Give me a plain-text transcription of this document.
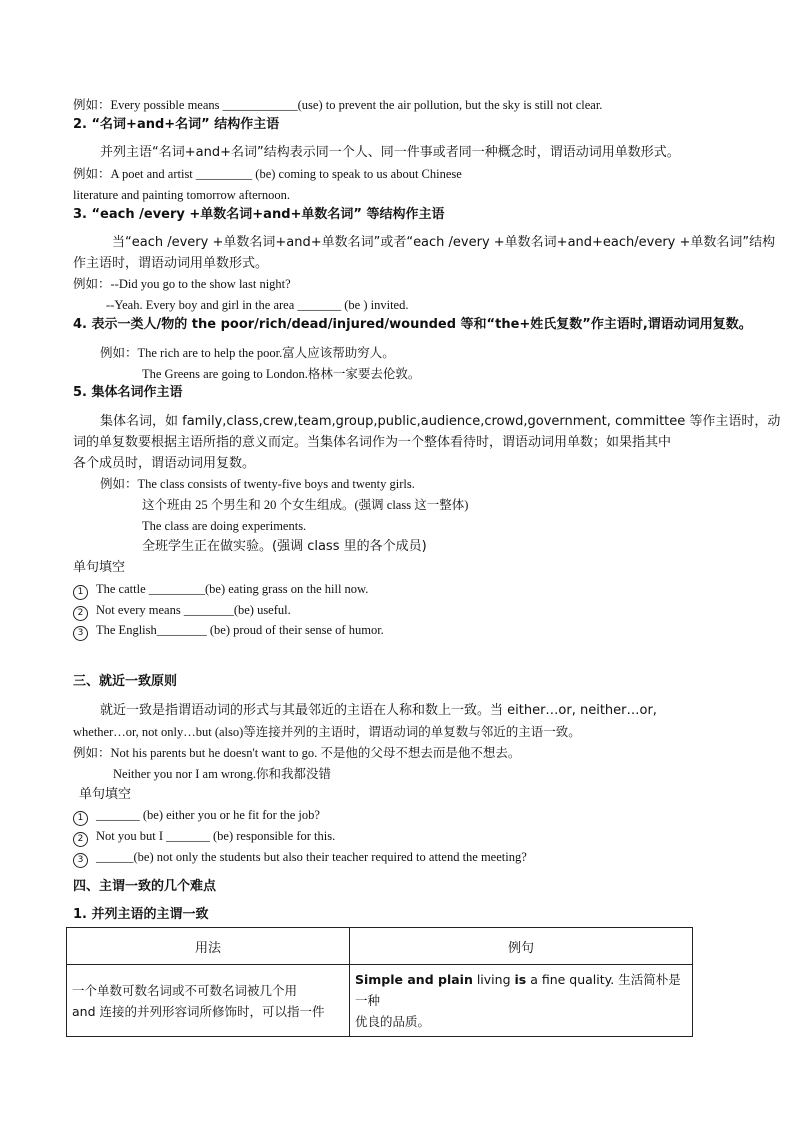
例如：Every possible means ____________(use) to prevent the air pollution, but the sky is still not clear.
2. “名词+and+名词” 结构作主语
并列主语“名词+and+名词”结构表示同一个人、同一件事或者同一种概念时，谓语动词用单数形式。
例如：A poet and artist _________ (be) coming to speak to us about Chinese
literature and painting tomorrow afternoon.
3. “each /every +单数名词+and+单数名词” 等结构作主语
当“each /every +单数名词+and+单数名词”或者“each /every +单数名词+and+each/every +单数名词”结构
作主语时，谓语动词用单数形式。
例如：--Did you go to the show last night?
--Yeah. Every boy and girl in the area _______ (be ) invited.
4. 表示一类人/物的 the poor/rich/dead/injured/wounded 等和“the+姓氏复数”作主语时,谓语动词用复数。
例如：The rich are to help the poor.富人应该帮助穷人。
The Greens are going to London.格林一家要去伦敦。
5. 集体名词作主语
集体名词，如 family,class,crew,team,group,public,audience,crowd,government, committee 等作主语时，动
词的单复数要根据主语所指的意义而定。当集体名词作为一个整体看待时，谓语动词用单数；如果指其中
各个成员时，谓语动词用复数。
例如：The class consists of twenty-five boys and twenty girls.
这个班由 25 个男生和 20 个女生组成。(强调 class 这一整体)
The class are doing experiments.
全班学生正在做实验。(强调 class 里的各个成员)
单句填空
1 The cattle _________(be) eating grass on the hill now.
2 Not every means ________(be) useful.
3 The English________ (be) proud of their sense of humor.
三、就近一致原则
就近一致是指谓语动词的形式与其最邻近的主语在人称和数上一致。当 either…or, neither…or,
whether…or, not only…but (also)等连接并列的主语时，谓语动词的单复数与邻近的主语一致。
例如：Not his parents but he doesn't want to go. 不是他的父母不想去而是他不想去。
Neither you nor I am wrong.你和我都没错
单句填空
1 _______ (be) either you or he fit for the job?
2 Not you but I _______ (be) responsible for this.
3 ______(be) not only the students but also their teacher required to attend the meeting?
四、主谓一致的几个难点
1. 并列主语的主谓一致
用法	例句
一个单数可数名词或不可数名词被几个用
and 连接的并列形容词所修饰时，可以指一件	Simple and plain living is a fine quality. 生活简朴是一种
优良的品质。
